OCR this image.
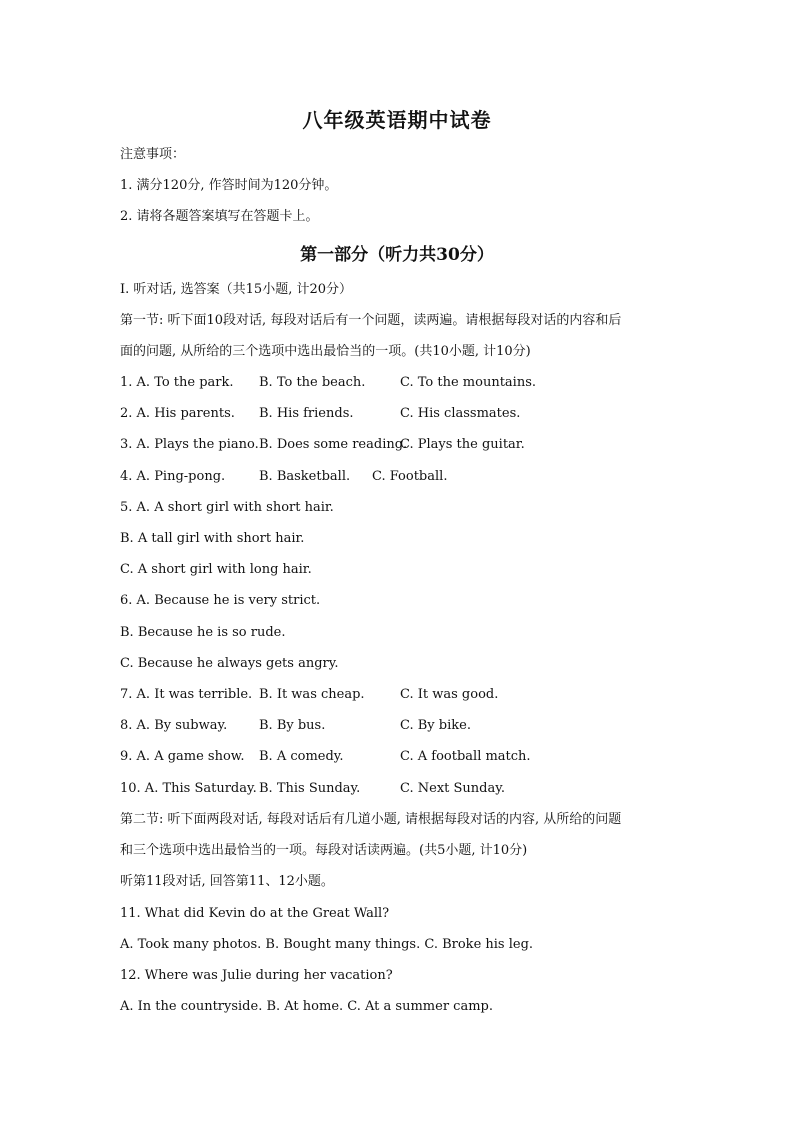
八年级英语期中试卷
注意事项：
1. 满分120分, 作答时间为120分钟。
2. 请将各题答案填写在答题卡上。
第一部分（听力共30分）
I. 听对话, 选答案（共15小题, 计20分）
第一节: 听下面10段对话, 每段对话后有一个问题，读两遍。请根据每段对话的内容和后
面的问题, 从所给的三个选项中选出最恰当的一项。(共10小题, 计10分)
1. A. To the park. B. To the beach.	C. To the mountains.
2. A. His parents. B. His friends.	C. His classmates.
3. A. Plays the piano. B. Does some reading.
C. Plays the guitar.
4. A. Ping-pong.	B. Basketball. C. Football.
5. A. A short girl with short hair.
B. A tall girl with short hair.
C. A short girl with long hair.
6. A. Because he is very strict.
B. Because he is so rude.
C. Because he always gets angry.
7. A. It was terrible. B. It was cheap.	C. It was good.
8. A. By subway. B. By bus.	C. By bike.
9. A. A game show. B. A comedy.	C. A football match.
10. A. This Saturday. B. This Sunday.	C. Next Sunday.
第二节: 听下面两段对话, 每段对话后有几道小题, 请根据每段对话的内容, 从所给的问题
和三个选项中选出最恰当的一项。每段对话读两遍。(共5小题, 计10分)
听第11段对话, 回答第11、12小题。
11. What did Kevin do at the Great Wall?
A. Took many photos. B. Bought many things. C. Broke his leg.
12. Where was Julie during her vacation?
A. In the countryside. B. At home. C. At a summer camp.
